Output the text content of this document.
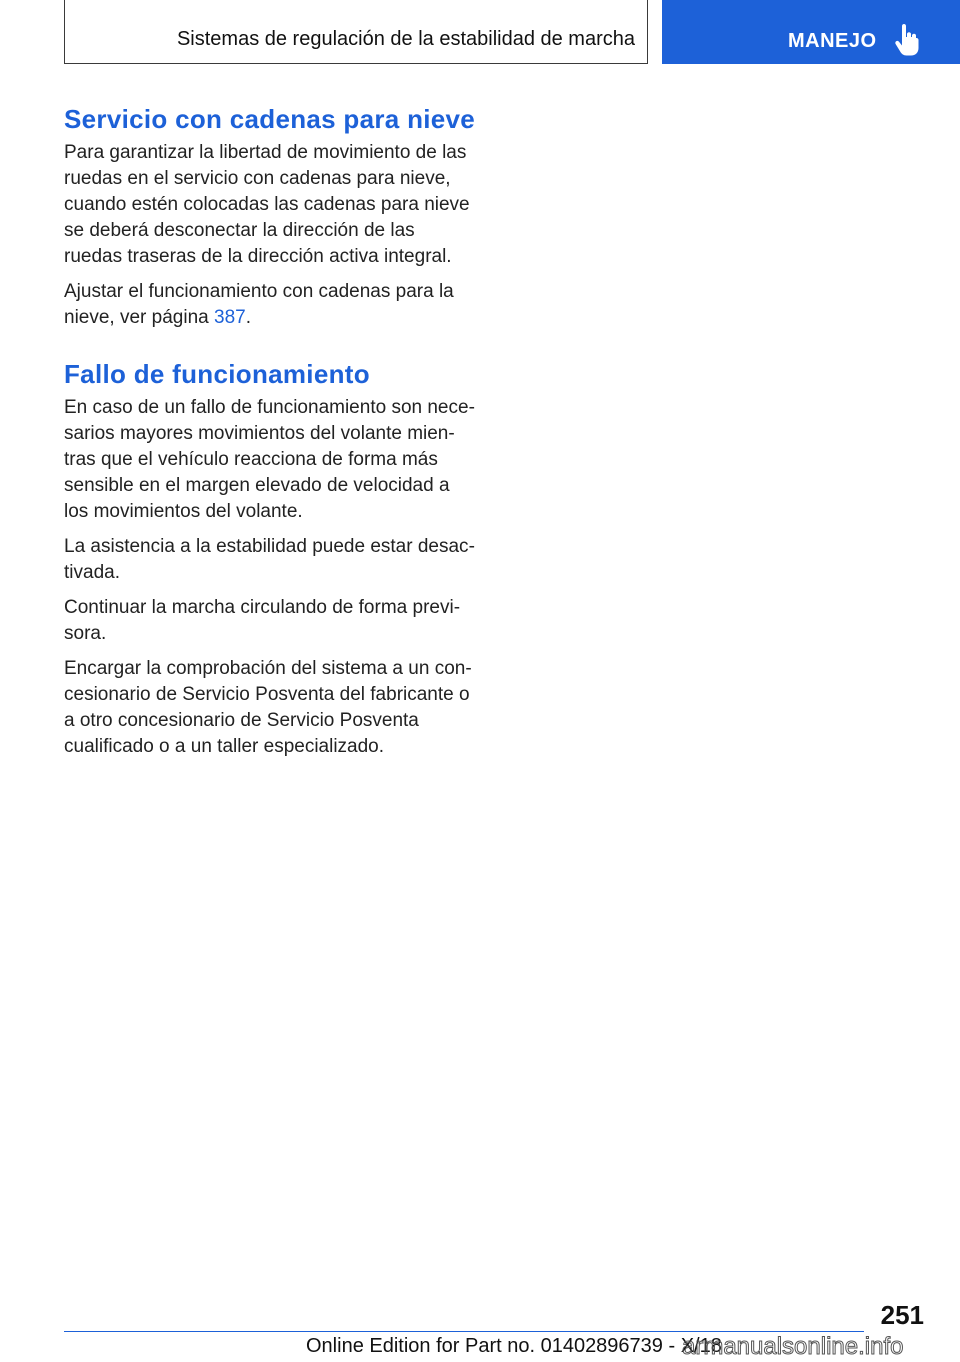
Sistemas de regulación de la estabilidad de marcha	MANEJO
Servicio con cadenas para nieve

Para garantizar la libertad de movimiento de las ruedas en el servicio con cadenas para nieve, cuando estén colocadas las cadenas para nieve se deberá desconectar la dirección de las ruedas traseras de la dirección activa integral.

Ajustar el funcionamiento con cadenas para la nieve, ver página 387.

Fallo de funcionamiento

En caso de un fallo de funcionamiento son necesarios mayores movimientos del volante mientras que el vehículo reacciona de forma más sensible en el margen elevado de velocidad a los movimientos del volante.

La asistencia a la estabilidad puede estar desactivada.

Continuar la marcha circulando de forma previsora.

Encargar la comprobación del sistema a un concesionario de Servicio Posventa del fabricante o a otro concesionario de Servicio Posventa cualificado o a un taller especializado.

251
Online Edition for Part no. 01402896739 - X/18
armanualsonline.info
